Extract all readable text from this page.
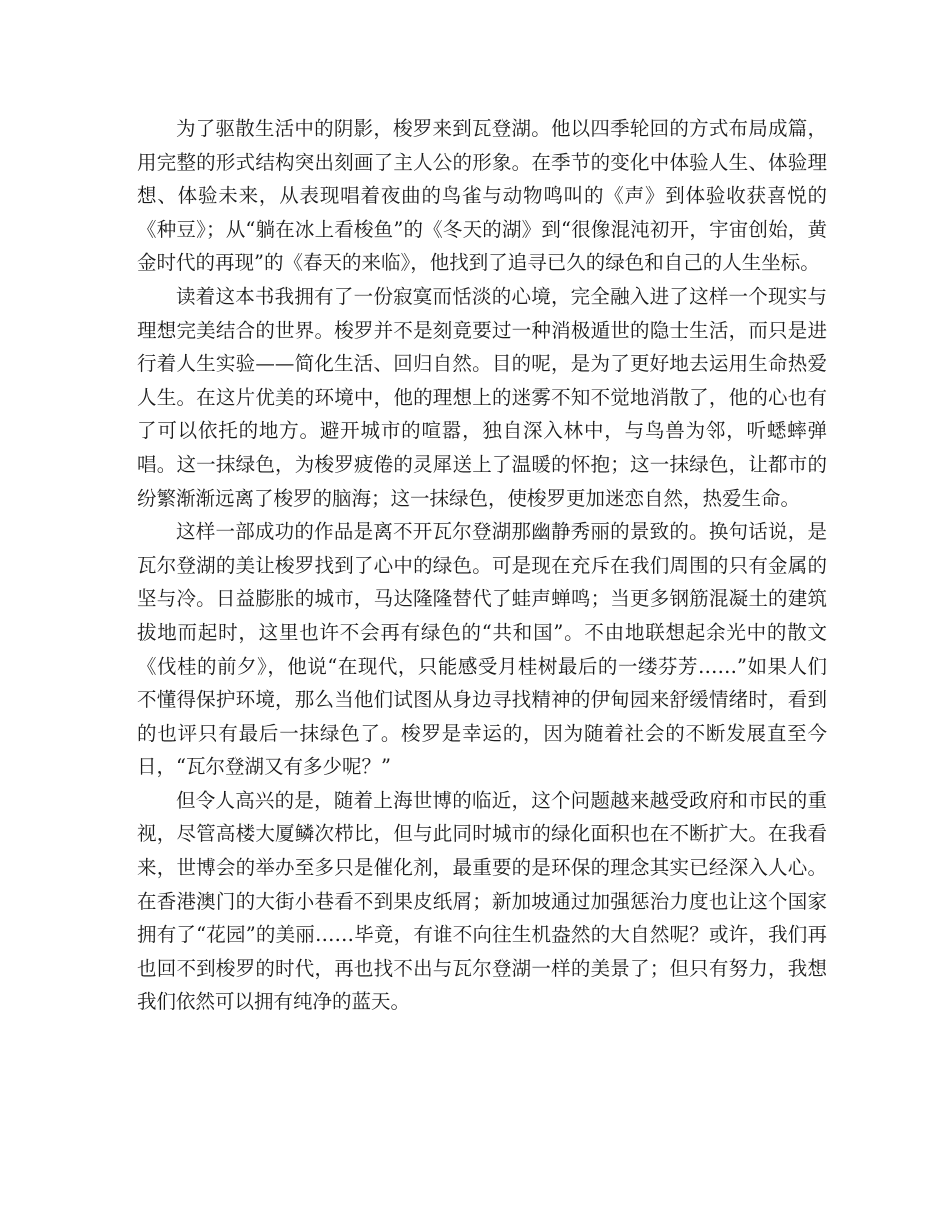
为了驱散生活中的阴影，梭罗来到瓦登湖。他以四季轮回的方式布局成篇，用完整的形式结构突出刻画了主人公的形象。在季节的变化中体验人生、体验理想、体验未来，从表现唱着夜曲的鸟雀与动物鸣叫的《声》到体验收获喜悦的《种豆》；从“躺在冰上看梭鱼”的《冬天的湖》到“很像混沌初开，宇宙创始，黄金时代的再现”的《春天的来临》，他找到了追寻已久的绿色和自己的人生坐标。

读着这本书我拥有了一份寂寞而恬淡的心境，完全融入进了这样一个现实与理想完美结合的世界。梭罗并不是刻竟要过一种消极遁世的隐士生活，而只是进行着人生实验——简化生活、回归自然。目的呢，是为了更好地去运用生命热爱人生。在这片优美的环境中，他的理想上的迷雾不知不觉地消散了，他的心也有了可以依托的地方。避开城市的喧嚣，独自深入林中，与鸟兽为邻，听蟋蟀弹唱。这一抹绿色，为梭罗疲倦的灵犀送上了温暖的怀抱；这一抹绿色，让都市的纷繁渐渐远离了梭罗的脑海；这一抹绿色，使梭罗更加迷恋自然，热爱生命。

这样一部成功的作品是离不开瓦尔登湖那幽静秀丽的景致的。换句话说，是瓦尔登湖的美让梭罗找到了心中的绿色。可是现在充斥在我们周围的只有金属的坚与冷。日益膨胀的城市，马达隆隆替代了蛙声蝉鸣；当更多钢筋混凝土的建筑拔地而起时，这里也许不会再有绿色的“共和国”。不由地联想起余光中的散文《伐桂的前夕》，他说“在现代，只能感受月桂树最后的一缕芬芳……”如果人们不懂得保护环境，那么当他们试图从身边寻找精神的伊甸园来舒缓情绪时，看到的也评只有最后一抹绿色了。梭罗是幸运的，因为随着社会的不断发展直至今日，“瓦尔登湖又有多少呢？”

但令人高兴的是，随着上海世博的临近，这个问题越来越受政府和市民的重视，尽管高楼大厦鳞次栉比，但与此同时城市的绿化面积也在不断扩大。在我看来，世博会的举办至多只是催化剂，最重要的是环保的理念其实已经深入人心。在香港澳门的大街小巷看不到果皮纸屑；新加坡通过加强惩治力度也让这个国家拥有了“花园”的美丽……毕竟，有谁不向往生机盎然的大自然呢？或许，我们再也回不到梭罗的时代，再也找不出与瓦尔登湖一样的美景了；但只有努力，我想我们依然可以拥有纯净的蓝天。
